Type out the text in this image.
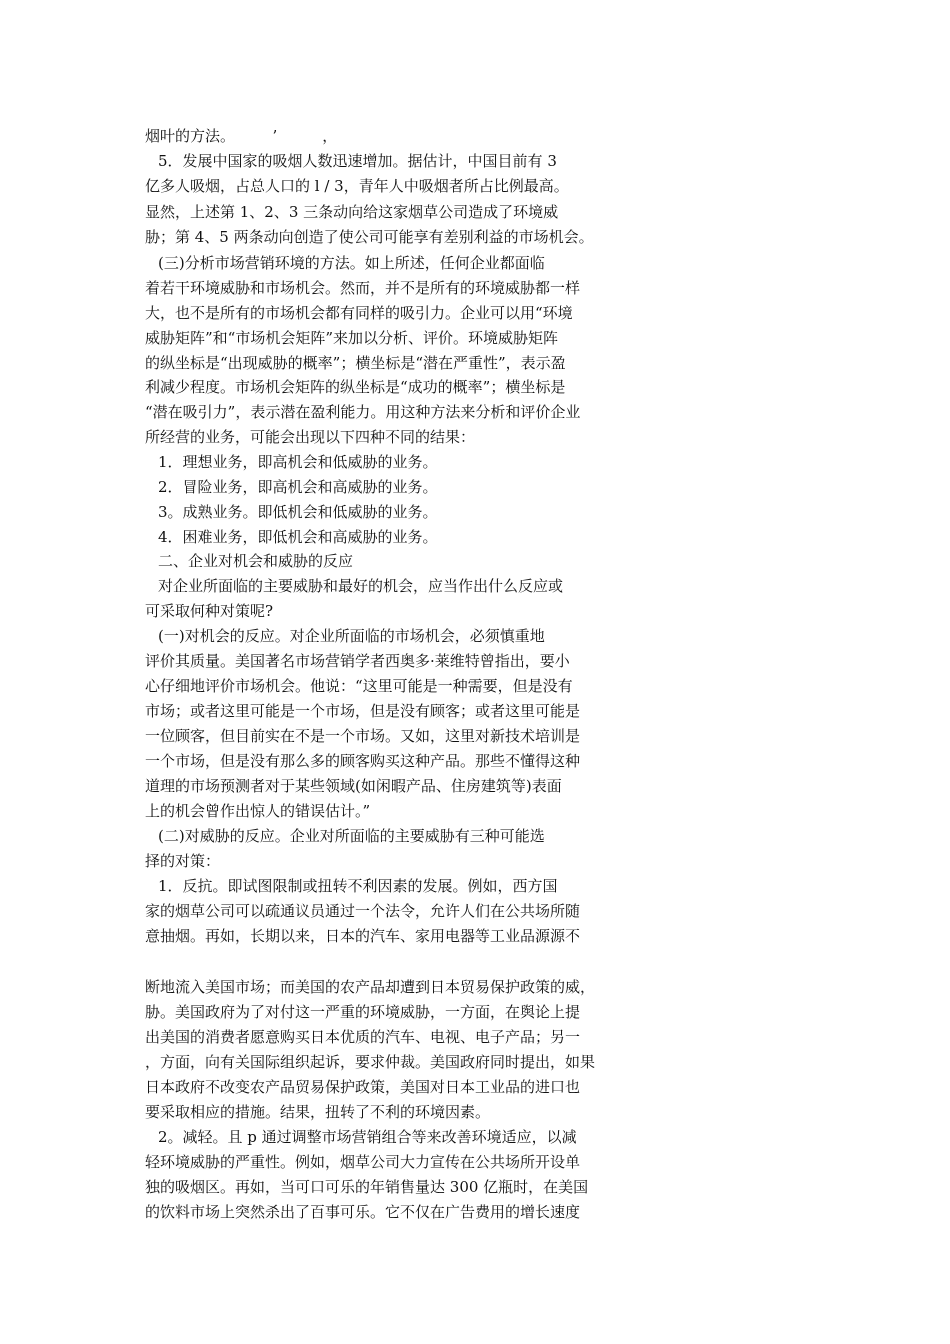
烟叶的方法。　　　’　　　，
5．发展中国家的吸烟人数迅速增加。据估计，中国目前有 3
亿多人吸烟，占总人口的 l / 3，青年人中吸烟者所占比例最高。
显然，上述第 1、2、3 三条动向给这家烟草公司造成了环境威
胁；第 4、5 两条动向创造了使公司可能享有差别利益的市场机会。
(三)分析市场营销环境的方法。如上所述，任何企业都面临
着若干环境威胁和市场机会。然而，并不是所有的环境威胁都一样
大，也不是所有的市场机会都有同样的吸引力。企业可以用“环境
威胁矩阵”和“市场机会矩阵”来加以分析、评价。环境威胁矩阵
的纵坐标是“出现威胁的概率”；横坐标是“潜在严重性”，表示盈
利减少程度。市场机会矩阵的纵坐标是“成功的概率”；横坐标是
“潜在吸引力”，表示潜在盈利能力。用这种方法来分析和评价企业
所经营的业务，可能会出现以下四种不同的结果：
1．理想业务，即高机会和低威胁的业务。
2．冒险业务，即高机会和高威胁的业务。
3。成熟业务。即低机会和低威胁的业务。
4．困难业务，即低机会和高威胁的业务。
二、企业对机会和威胁的反应
对企业所面临的主要威胁和最好的机会，应当作出什么反应或
可采取何种对策呢?
(一)对机会的反应。对企业所面临的市场机会，必须慎重地
评价其质量。美国著名市场营销学者西奥多·莱维特曾指出，要小
心仔细地评价市场机会。他说：“这里可能是一种需要，但是没有
市场；或者这里可能是一个市场，但是没有顾客；或者这里可能是
一位顾客，但目前实在不是一个市场。又如，这里对新技术培训是
一个市场，但是没有那么多的顾客购买这种产品。那些不懂得这种
道理的市场预测者对于某些领域(如闲暇产品、住房建筑等)表面
上的机会曾作出惊人的错误估计。”
(二)对威胁的反应。企业对所面临的主要威胁有三种可能选
择的对策：
1．反抗。即试图限制或扭转不利因素的发展。例如，西方国
家的烟草公司可以疏通议员通过一个法令，允许人们在公共场所随
意抽烟。再如，长期以来，日本的汽车、家用电器等工业品源源不
断地流入美国市场；而美国的农产品却遭到日本贸易保护政策的威，
胁。美国政府为了对付这一严重的环境威胁，一方面，在舆论上提
出美国的消费者愿意购买日本优质的汽车、电视、电子产品；另一
，方面，向有关国际组织起诉，要求仲裁。美国政府同时提出，如果
日本政府不改变农产品贸易保护政策，美国对日本工业品的进口也
要采取相应的措施。结果，扭转了不利的环境因素。
2。减轻。且 p 通过调整市场营销组合等来改善环境适应，以减
轻环境威胁的严重性。例如，烟草公司大力宣传在公共场所开设单
独的吸烟区。再如，当可口可乐的年销售量达 300 亿瓶时，在美国
的饮料市场上突然杀出了百事可乐。它不仅在广告费用的增长速度
